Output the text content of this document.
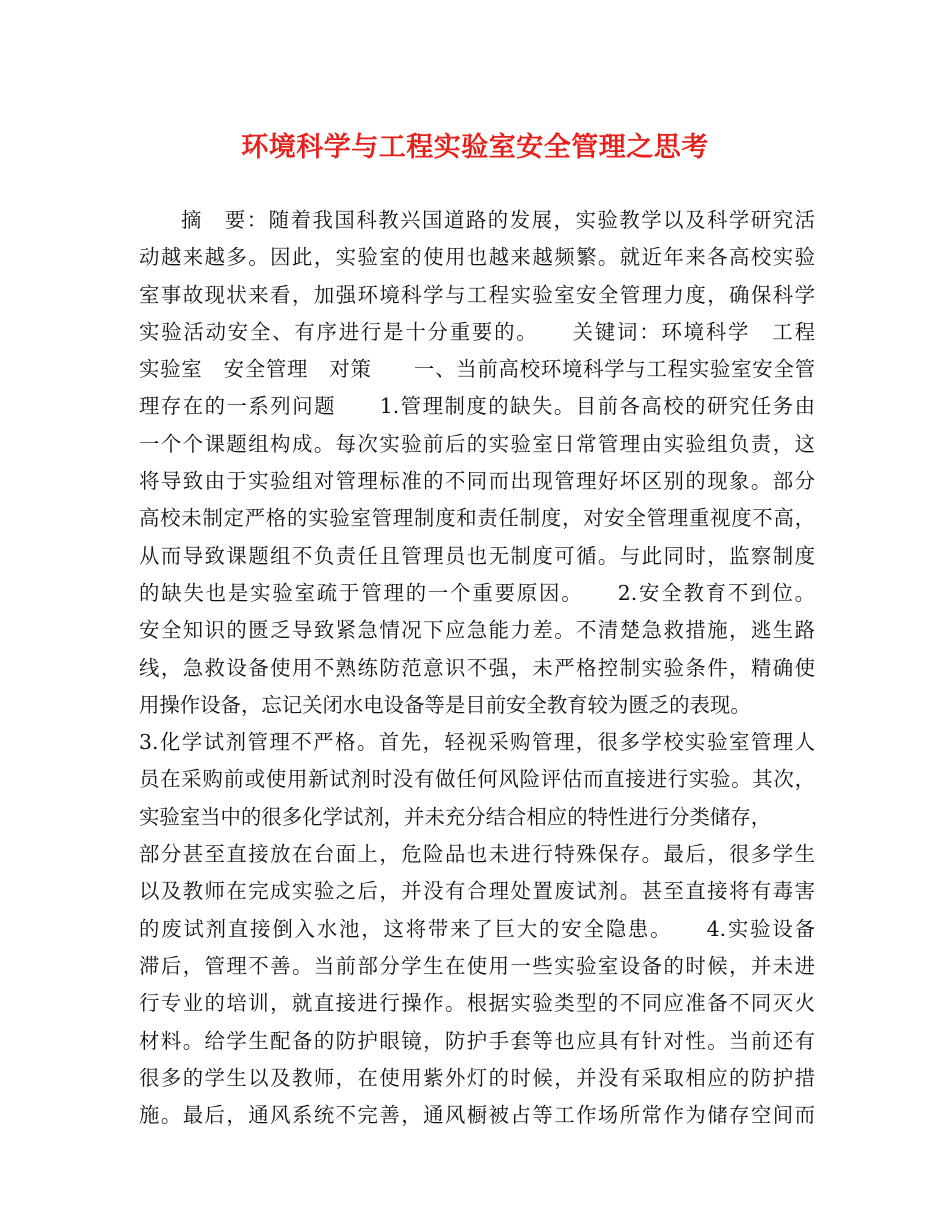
环境科学与工程实验室安全管理之思考
摘　要：随着我国科教兴国道路的发展，实验教学以及科学研究活
动越来越多。因此，实验室的使用也越来越频繁。就近年来各高校实验
室事故现状来看，加强环境科学与工程实验室安全管理力度，确保科学
实验活动安全、有序进行是十分重要的。　　关键词：环境科学　工程
实验室　安全管理　对策　　一、当前高校环境科学与工程实验室安全管
理存在的一系列问题　　1.管理制度的缺失。目前各高校的研究任务由
一个个课题组构成。每次实验前后的实验室日常管理由实验组负责，这
将导致由于实验组对管理标准的不同而出现管理好坏区别的现象。部分
高校未制定严格的实验室管理制度和责任制度，对安全管理重视度不高，
从而导致课题组不负责任且管理员也无制度可循。与此同时，监察制度
的缺失也是实验室疏于管理的一个重要原因。　　2.安全教育不到位。
安全知识的匮乏导致紧急情况下应急能力差。不清楚急救措施，逃生路
线，急救设备使用不熟练防范意识不强，未严格控制实验条件，精确使
用操作设备，忘记关闭水电设备等是目前安全教育较为匮乏的表现。
3.化学试剂管理不严格。首先，轻视采购管理，很多学校实验室管理人
员在采购前或使用新试剂时没有做任何风险评估而直接进行实验。其次，
实验室当中的很多化学试剂，并未充分结合相应的特性进行分类储存，
部分甚至直接放在台面上，危险品也未进行特殊保存。最后，很多学生
以及教师在完成实验之后，并没有合理处置废试剂。甚至直接将有毒害
的废试剂直接倒入水池，这将带来了巨大的安全隐患。　　4.实验设备
滞后，管理不善。当前部分学生在使用一些实验室设备的时候，并未进
行专业的培训，就直接进行操作。根据实验类型的不同应准备不同灭火
材料。给学生配备的防护眼镜，防护手套等也应具有针对性。当前还有
很多的学生以及教师，在使用紫外灯的时候，并没有采取相应的防护措
施。最后，通风系统不完善，通风橱被占等工作场所常作为储存空间而
